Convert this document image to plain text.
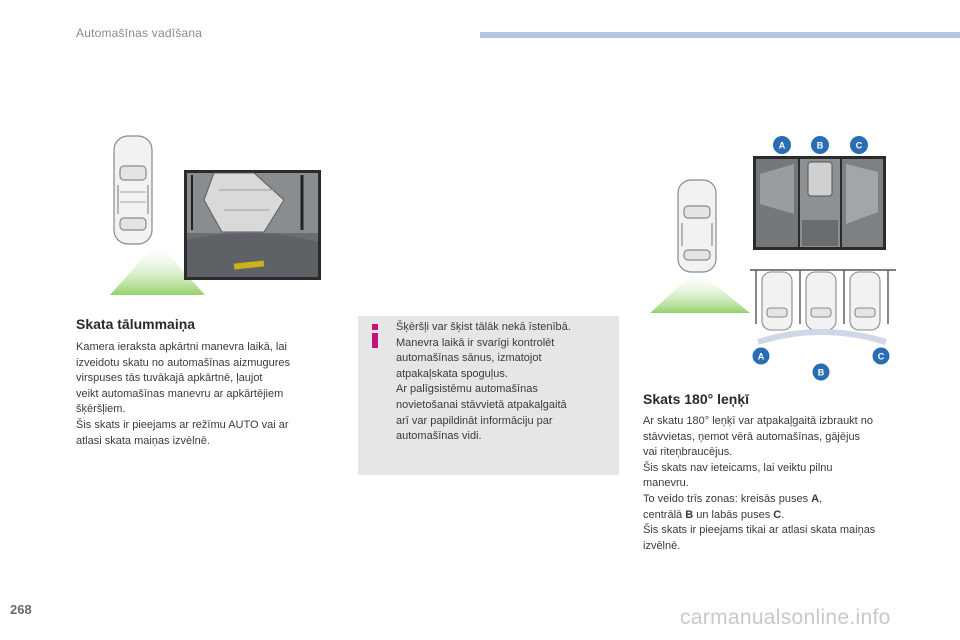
Automašīnas vadīšana
A	B	C
A
B
C
Skata tālummaiņa
Kamera ieraksta apkārtni manevra laikā, lai
izveidotu skatu no automašīnas aizmugures
virspuses tās tuvākajā apkārtnē, ļaujot
veikt automašīnas manevru ar apkārtējiem
šķēršļiem.
Šis skats ir pieejams ar režīmu AUTO vai ar
atlasi skata maiņas izvēlnē.
Šķēršļi var šķist tālāk nekā īstenībā.
Manevra laikā ir svarīgi kontrolēt
automašīnas sānus, izmatojot
atpakaļskata spoguļus.
Ar palīgsistēmu automašīnas
novietošanai stāvvietā atpakaļgaitā
arī var papildināt informāciju par
automašīnas vidi.
Skats 180° leņķī
Ar skatu 180° leņķī var atpakaļgaitā izbraukt no
stāvvietas, ņemot vērā automašīnas, gājējus
vai riteņbraucējus.
Šis skats nav ieteicams, lai veiktu pilnu
manevru.
To veido trīs zonas: kreisās puses A,
centrālā B un labās puses C.
Šis skats ir pieejams tikai ar atlasi skata maiņas
izvēlnē.
268	carmanualsonline.info
